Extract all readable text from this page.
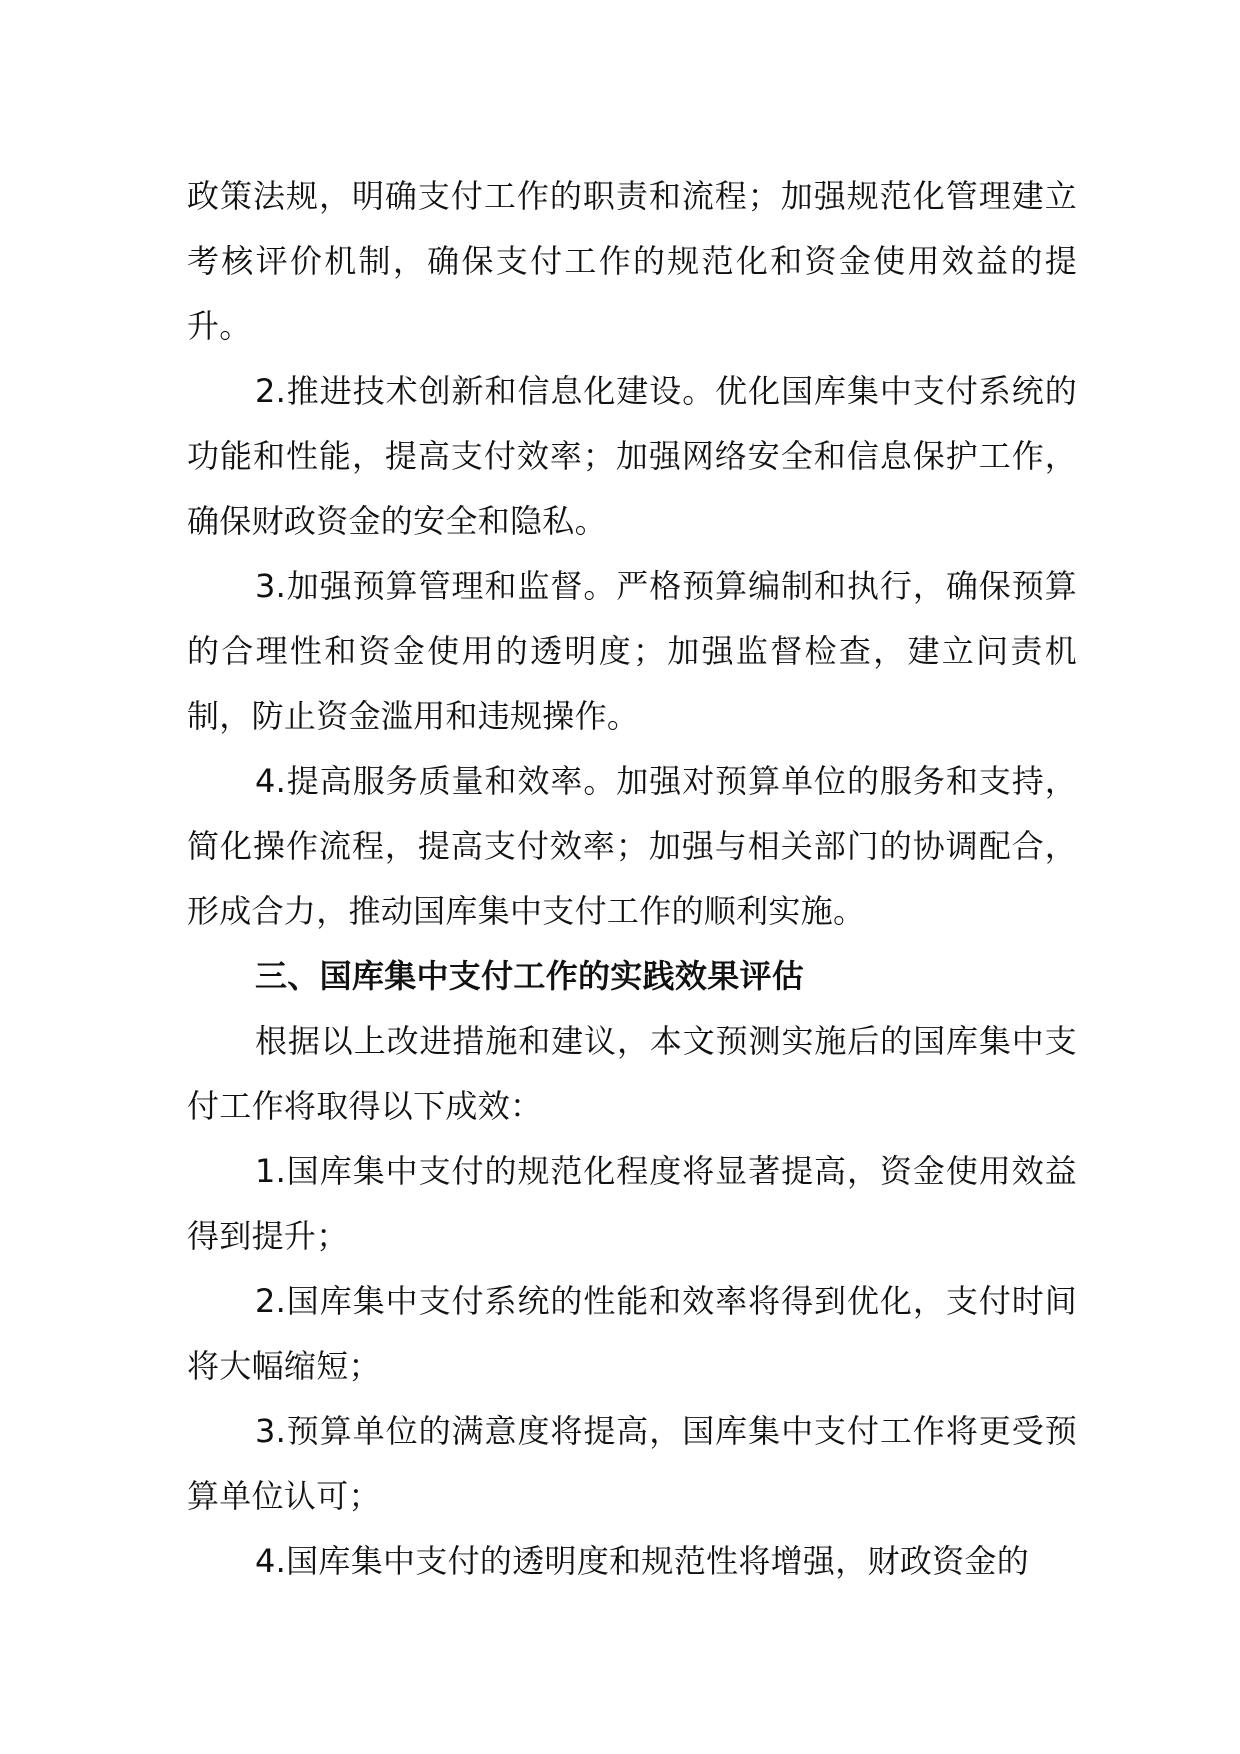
政策法规，明确支付工作的职责和流程；加强规范化管理建立考核评价机制，确保支付工作的规范化和资金使用效益的提升。

2.推进技术创新和信息化建设。优化国库集中支付系统的功能和性能，提高支付效率；加强网络安全和信息保护工作，确保财政资金的安全和隐私。

3.加强预算管理和监督。严格预算编制和执行，确保预算的合理性和资金使用的透明度；加强监督检查，建立问责机制，防止资金滥用和违规操作。

4.提高服务质量和效率。加强对预算单位的服务和支持，简化操作流程，提高支付效率；加强与相关部门的协调配合，形成合力，推动国库集中支付工作的顺利实施。

三、国库集中支付工作的实践效果评估

根据以上改进措施和建议，本文预测实施后的国库集中支付工作将取得以下成效：

1.国库集中支付的规范化程度将显著提高，资金使用效益得到提升；

2.国库集中支付系统的性能和效率将得到优化，支付时间将大幅缩短；

3.预算单位的满意度将提高，国库集中支付工作将更受预算单位认可；

4.国库集中支付的透明度和规范性将增强，财政资金的
